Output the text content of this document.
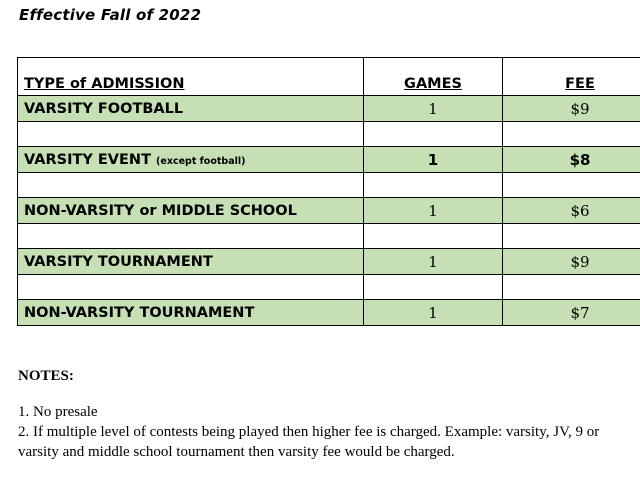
Effective Fall of 2022
TYPE of ADMISSION	GAMES	FEE
VARSITY FOOTBALL	1	$9

VARSITY EVENT (except football)	1	$8

NON-VARSITY or MIDDLE SCHOOL	1	$6

VARSITY TOURNAMENT	1	$9

NON-VARSITY TOURNAMENT	1	$7
NOTES:
1. No presale
2. If multiple level of contests being played then higher fee is charged. Example: varsity, JV, 9 or varsity and middle school tournament then varsity fee would be charged.
